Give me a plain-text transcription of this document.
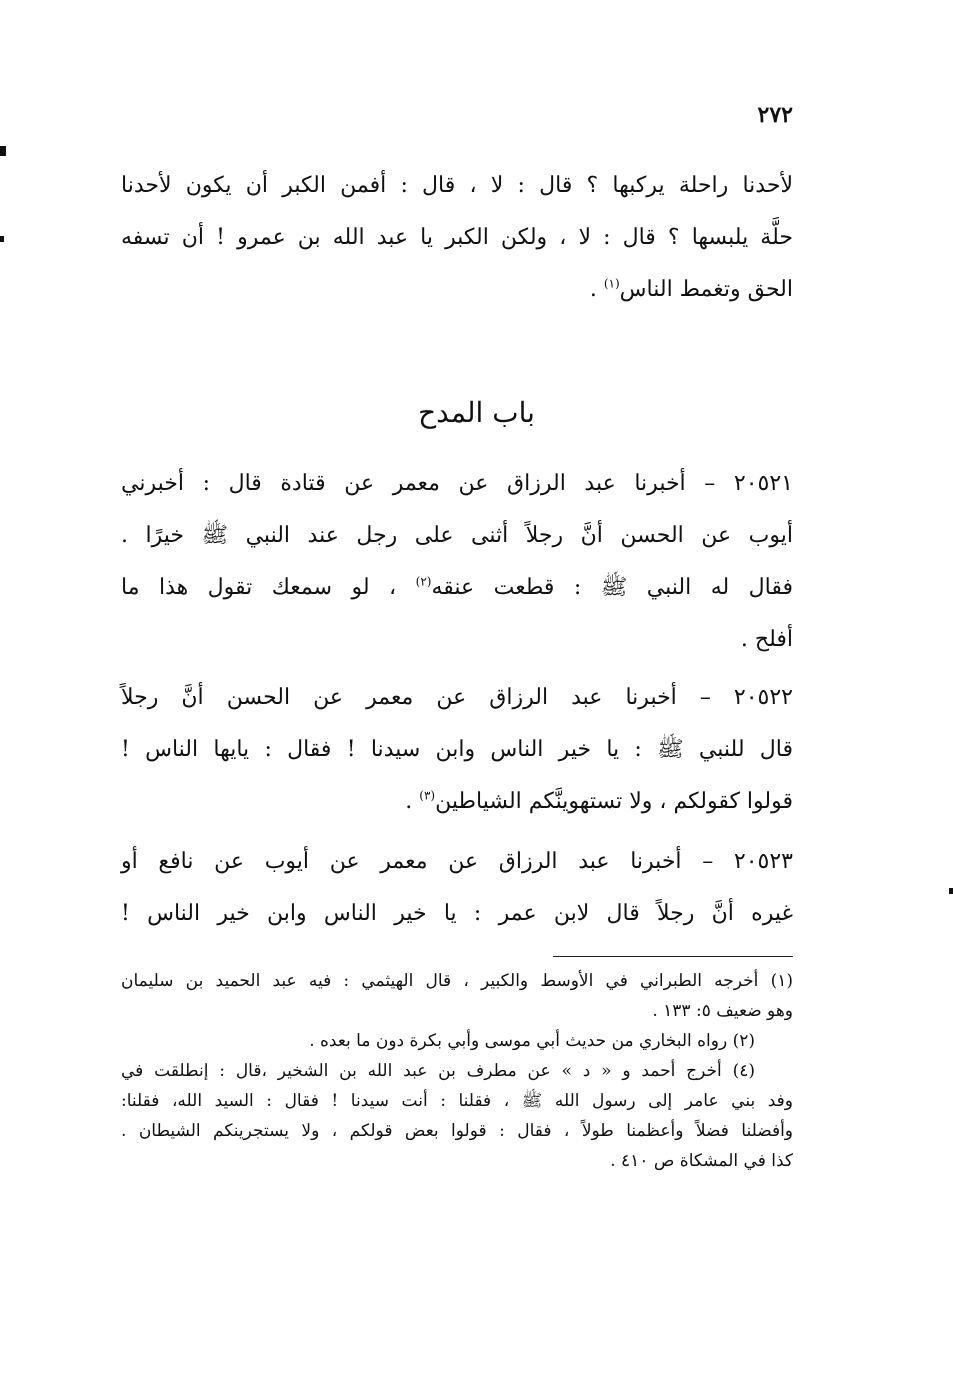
٢٧٢
لأحدنا راحلة يركبها ؟ قال : لا ، قال : أفمن الكبر أن يكون لأحدنا
حلَّة يلبسها ؟ قال : لا ، ولكن الكبر يا عبد الله بن عمرو ! أن تسفه
الحق وتغمط الناس$^{(١)}$ .
باب المدح
٢٠٥٢١ – أخبرنا عبد الرزاق عن معمر عن قتادة قال : أخبرني
أيوب عن الحسن أنَّ رجلاً أثنى على رجل عند النبي ﷺ خيرًا .
فقال له النبي ﷺ : قطعت عنقه$^{(٢)}$ ، لو سمعك تقول هذا ما
أفلح .
٢٠٥٢٢ – أخبرنا عبد الرزاق عن معمر عن الحسن أنَّ رجلاً
قال للنبي ﷺ : يا خير الناس وابن سيدنا ! فقال : يايها الناس !
قولوا كقولكم ، ولا تستهوينَّكم الشياطين$^{(٣)}$ .
٢٠٥٢٣ – أخبرنا عبد الرزاق عن معمر عن أيوب عن نافع أو
غيره أنَّ رجلاً قال لابن عمر : يا خير الناس وابن خير الناس !
(١) أخرجه الطبراني في الأوسط والكبير ، قال الهيثمي : فيه عبد الحميد بن سليمان
وهو ضعيف ٥: ١٣٣ .
(٢) رواه البخاري من حديث أبي موسى وأبي بكرة دون ما بعده .
(٤) أخرج أحمد و « د » عن مطرف بن عبد الله بن الشخير ،قال : إنطلقت في
وفد بني عامر إلى رسول الله ﷺ ، فقلنا : أنت سيدنا ! فقال : السيد الله، فقلنا:
وأفضلنا فضلاً وأعظمنا طولاً ، فقال : قولوا بعض قولكم ، ولا يستجرينكم الشيطان .
كذا في المشكاة ص ٤١٠ .
